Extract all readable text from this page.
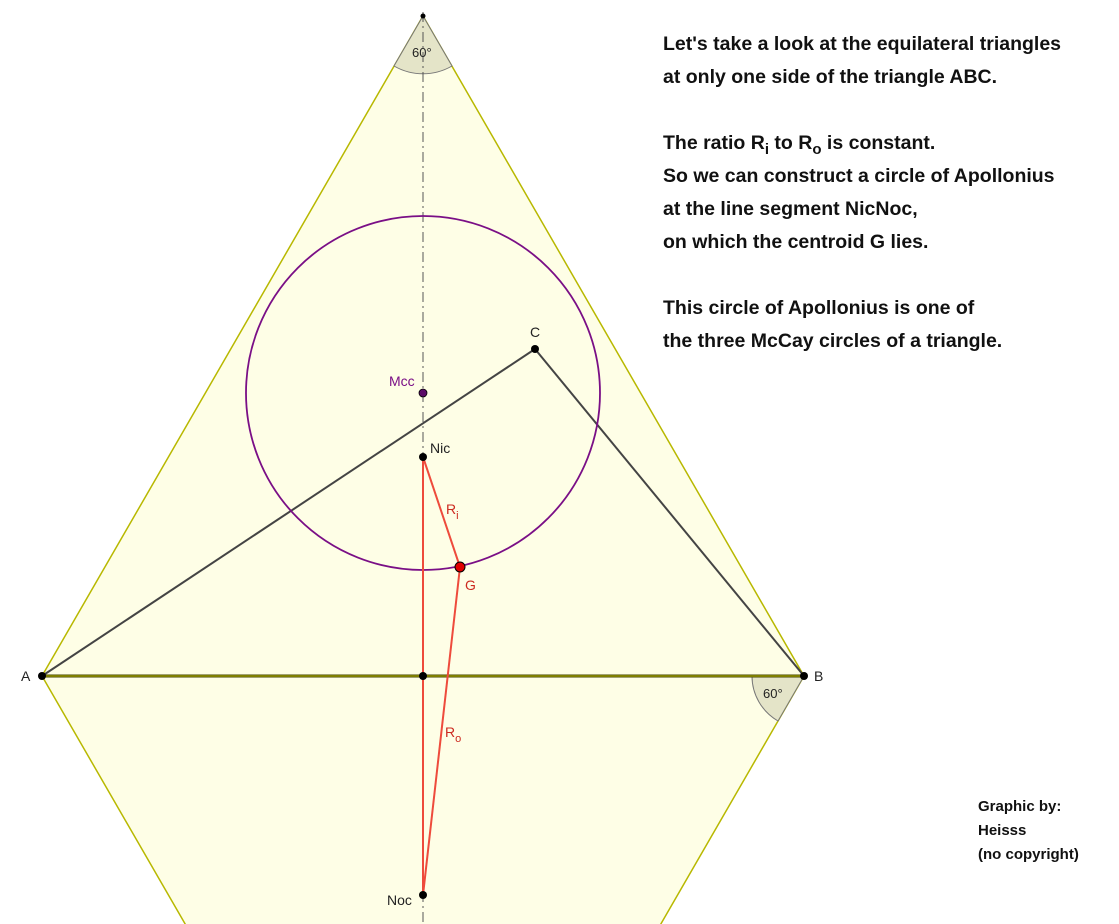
A	B
C
Mcc
Nic
Noc
G
$R_i$
$R_o$
60°
60°
Let's take a look at the equilateral triangles
at only one side of the triangle ABC.
The ratio $R_i$ to $R_o$ is constant.
So we can construct a circle of Apollonius
at the line segment NicNoc,
on which the centroid G lies.
This circle of Apollonius is one of
the three McCay circles of a triangle.
Graphic by:
Heisss
(no copyright)
